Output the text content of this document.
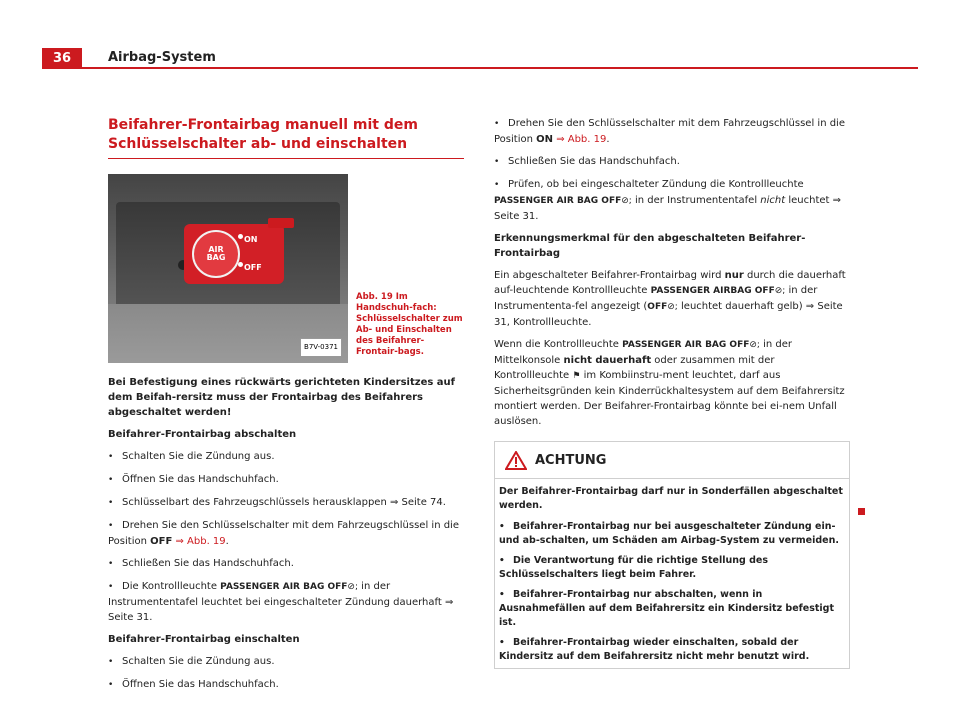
36	Airbag-System
Beifahrer-Frontairbag manuell mit dem Schlüsselschalter ab- und einschalten
AIR
BAG
ON
OFF
B7V-0371
Abb. 19 Im Handschuh-fach: Schlüsselschalter zum Ab- und Einschalten des Beifahrer-Frontair-bags.

Bei Befestigung eines rückwärts gerichteten Kindersitzes auf dem Beifah-rersitz muss der Frontairbag des Beifahrers abgeschaltet werden!

Beifahrer-Frontairbag abschalten

• Schalten Sie die Zündung aus.
• Öffnen Sie das Handschuhfach.
• Schlüsselbart des Fahrzeugschlüssels herausklappen ⇒ Seite 74.
• Drehen Sie den Schlüsselschalter mit dem Fahrzeugschlüssel in die Position OFF ⇒ Abb. 19.
• Schließen Sie das Handschuhfach.
• Die Kontrollleuchte PASSENGER AIR BAG OFF⊘; in der Instrumententafel leuchtet bei eingeschalteter Zündung dauerhaft ⇒ Seite 31.

Beifahrer-Frontairbag einschalten

• Schalten Sie die Zündung aus.
• Öffnen Sie das Handschuhfach.
• Drehen Sie den Schlüsselschalter mit dem Fahrzeugschlüssel in die Position ON ⇒ Abb. 19.
• Schließen Sie das Handschuhfach.
• Prüfen, ob bei eingeschalteter Zündung die Kontrollleuchte PASSENGER AIR BAG OFF⊘; in der Instrumententafel nicht leuchtet ⇒ Seite 31.

Erkennungsmerkmal für den abgeschalteten Beifahrer-Frontairbag

Ein abgeschalteter Beifahrer-Frontairbag wird nur durch die dauerhaft auf-leuchtende Kontrollleuchte PASSENGER AIRBAG OFF⊘; in der Instrumententa-fel angezeigt (OFF⊘; leuchtet dauerhaft gelb) ⇒ Seite 31, Kontrollleuchte.

Wenn die Kontrollleuchte PASSENGER AIR BAG OFF⊘; in der Mittelkonsole nicht dauerhaft oder zusammen mit der Kontrollleuchte ⚑ im Kombiinstru-ment leuchtet, darf aus Sicherheitsgründen kein Kinderrückhaltesystem auf dem Beifahrersitz montiert werden. Der Beifahrer-Frontairbag könnte bei ei-nem Unfall auslösen.

ACHTUNG

Der Beifahrer-Frontairbag darf nur in Sonderfällen abgeschaltet werden.

• Beifahrer-Frontairbag nur bei ausgeschalteter Zündung ein- und ab-schalten, um Schäden am Airbag-System zu vermeiden.
• Die Verantwortung für die richtige Stellung des Schlüsselschalters liegt beim Fahrer.
• Beifahrer-Frontairbag nur abschalten, wenn in Ausnahmefällen auf dem Beifahrersitz ein Kindersitz befestigt ist.
• Beifahrer-Frontairbag wieder einschalten, sobald der Kindersitz auf dem Beifahrersitz nicht mehr benutzt wird.
